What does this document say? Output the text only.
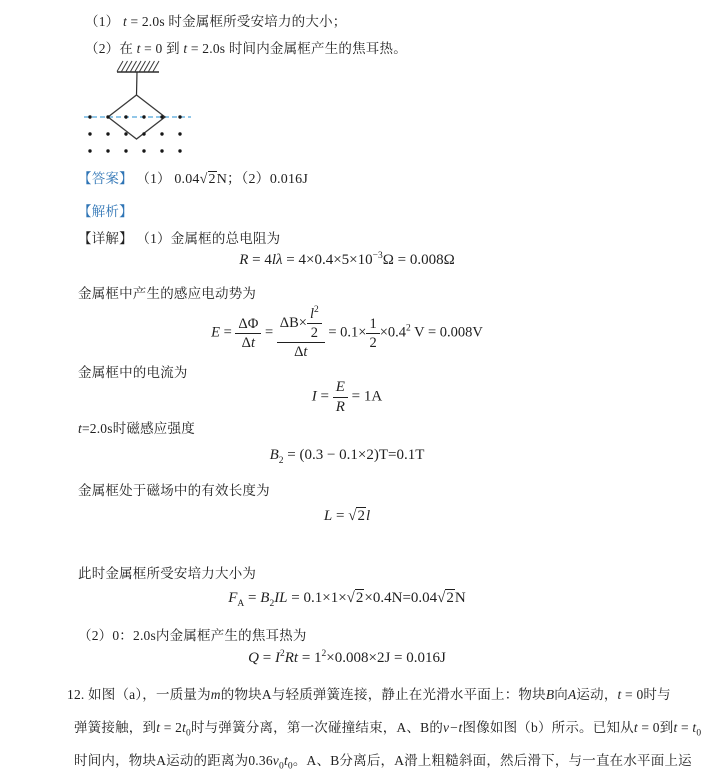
（1） t = 2.0s 时金属框所受安培力的大小；
（2）在 t = 0 到 t = 2.0s 时间内金属框产生的焦耳热。
【答案】 （1） 0.04√2N；（2）0.016J
【解析】
【详解】 （1）金属框的总电阻为
$R = 4l\lambda = 4\times 0.4\times 5\times 10^{-3}\Omega = 0.008\Omega$
金属框中产生的感应电动势为
$E = \frac{\Delta\Phi}{\Delta t} = \frac{\Delta B\times \frac{l^2}{2}}{\Delta t} = 0.1\times \frac{1}{2} \times 0.4^2$ V = 0.008V
金属框中的电流为
$I = \frac{E}{R} = 1A$
t=2.0s时磁感应强度
$B_2 = (0.3 - 0.1\times 2)T=0.1T$
金属框处于磁场中的有效长度为
L = √2l
此时金属框所受安培力大小为
$F_A = B_2IL = 0.1\times 1\times√2\times 0.4N=0.04√2N$
（2）0：2.0s内金属框产生的焦耳热为
$Q = I^2Rt = 1^2\times 0.008\times 2J = 0.016J$
12. 如图（a），一质量为m的物块A与轻质弹簧连接，静止在光滑水平面上：物块B向A运动，t = 0时与
弹簧接触，到$t = 2t_0$时与弹簧分离，第一次碰撞结束，A、B的v−t图像如图（b）所示。已知从t = 0到$t = t_0$
时间内，物块A运动的距离为$0.36v_0t_0$。A、B分离后，A滑上粗糙斜面，然后滑下，与一直在水平面上运
